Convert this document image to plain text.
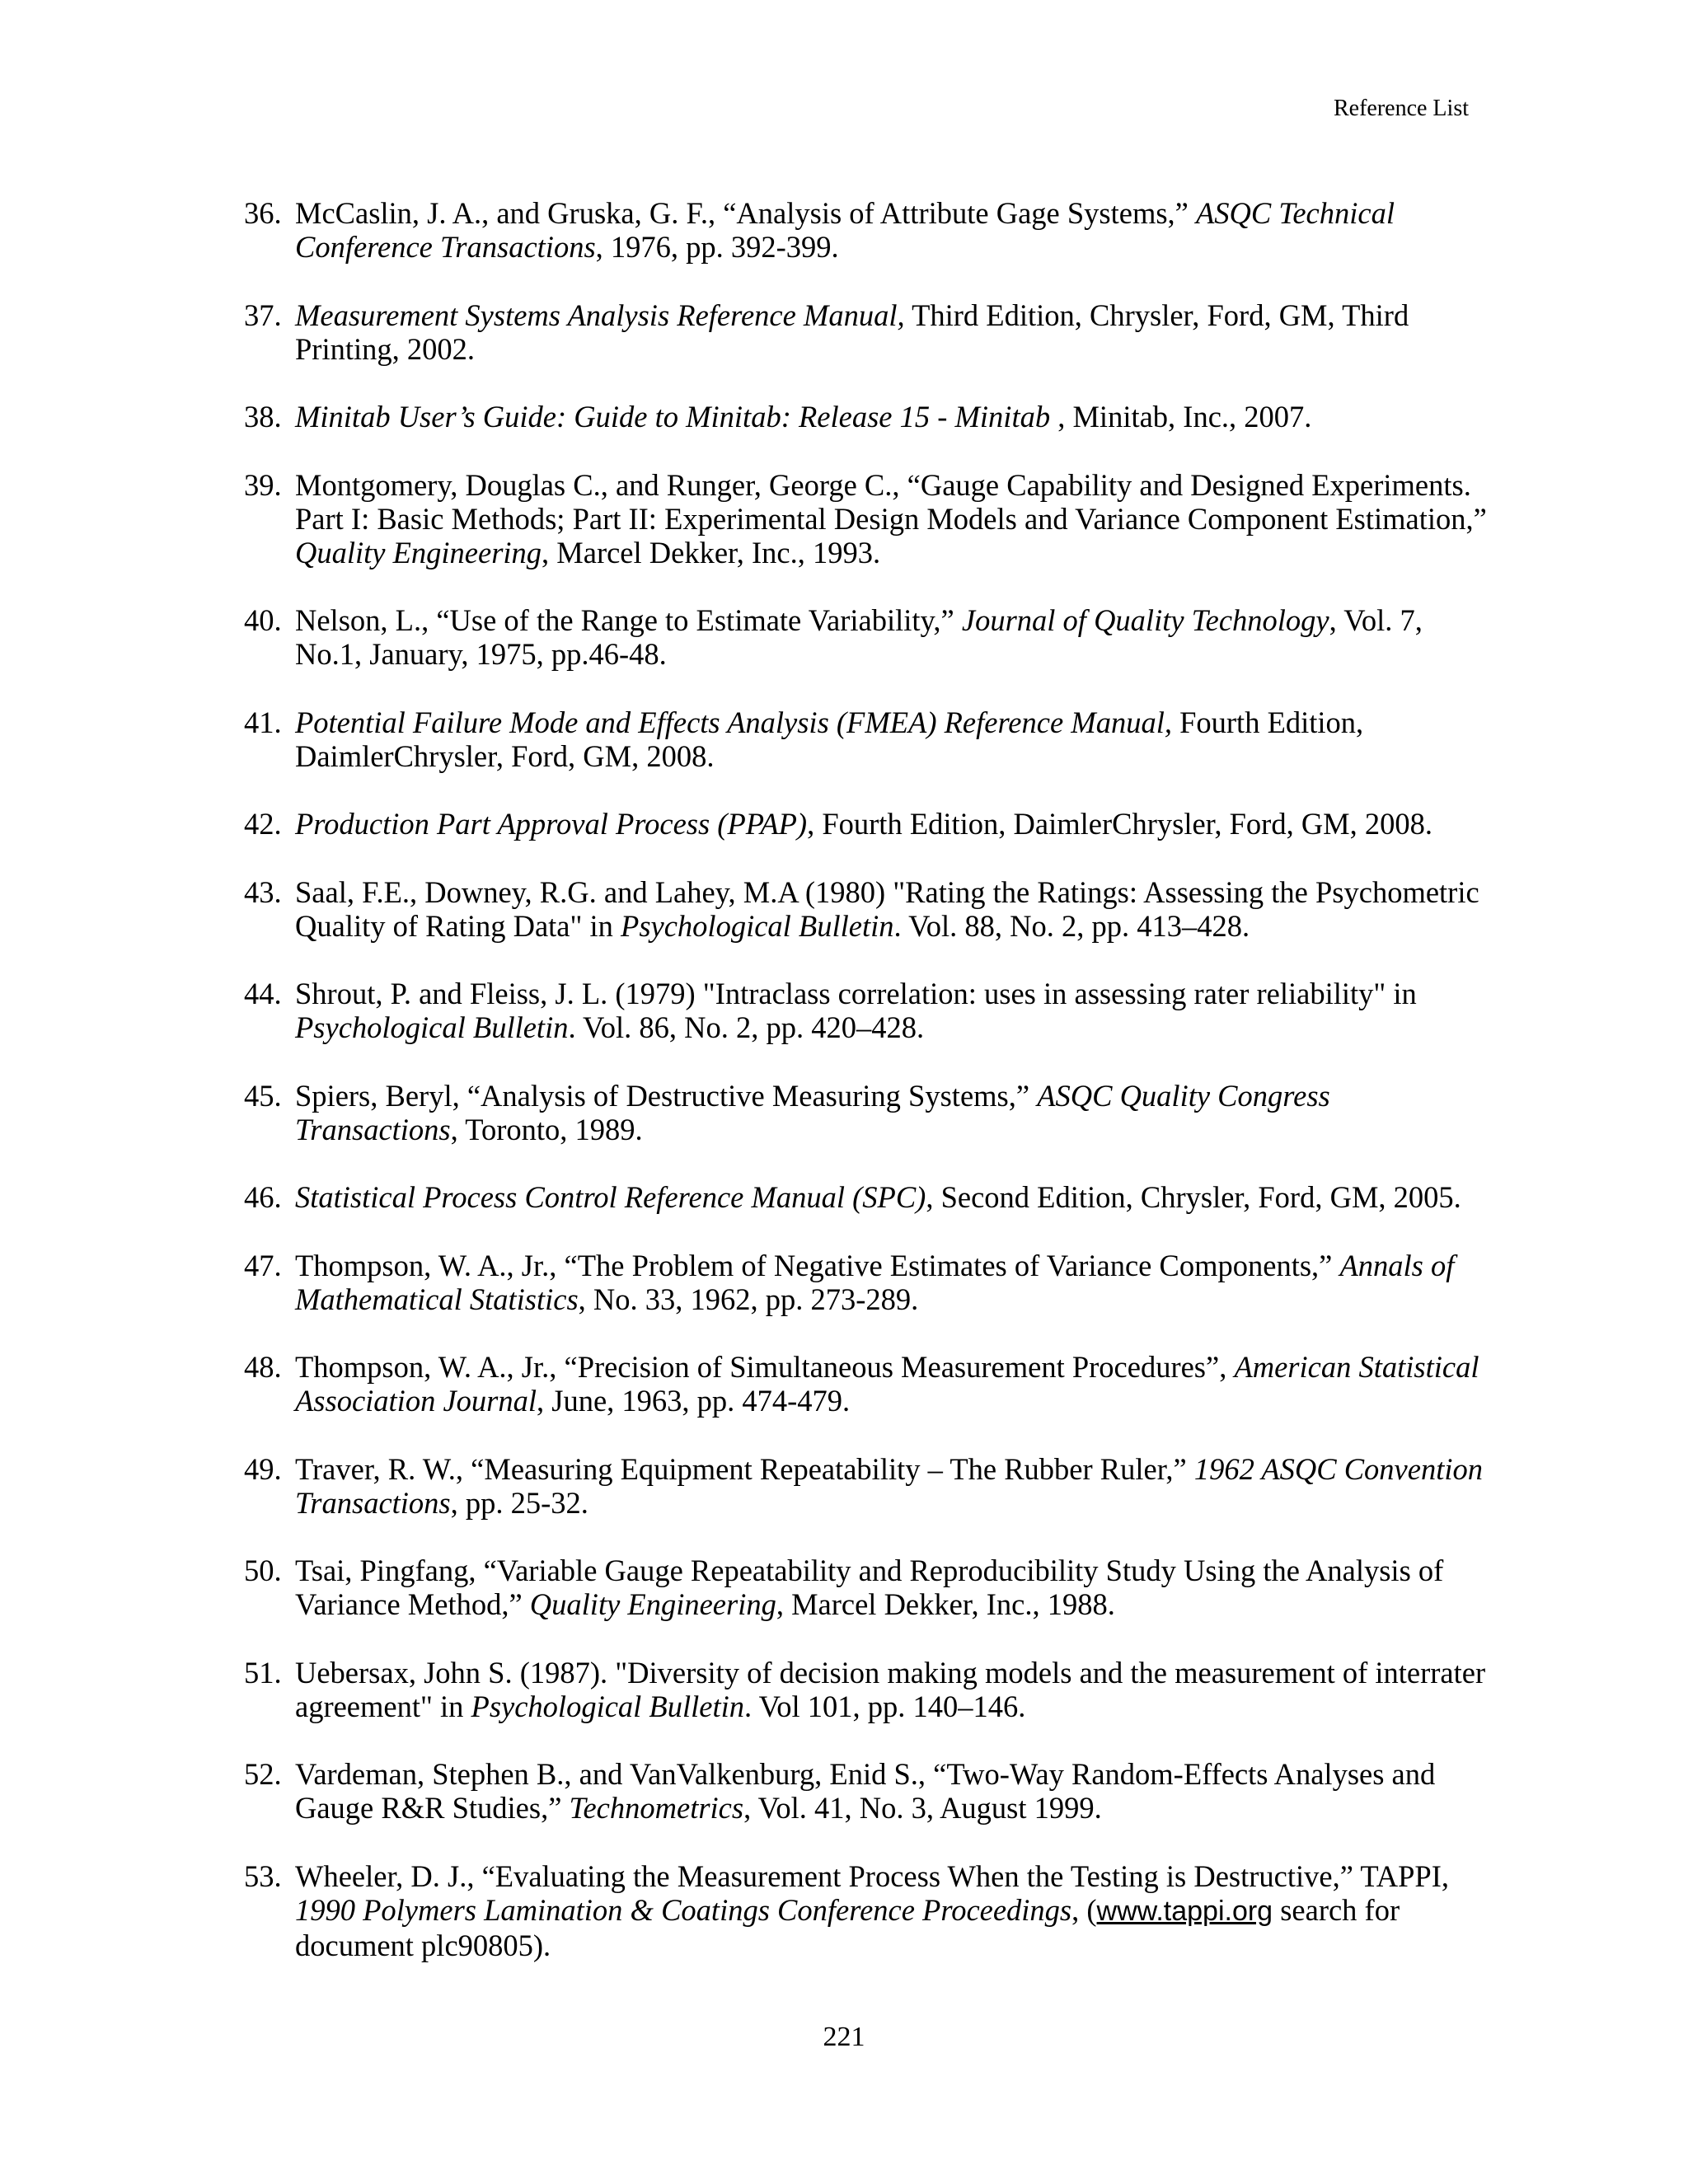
Reference List
36. McCaslin, J. A., and Gruska, G. F., “Analysis of Attribute Gage Systems,” ASQC Technical Conference Transactions, 1976, pp. 392-399.
37. Measurement Systems Analysis Reference Manual, Third Edition, Chrysler, Ford, GM, Third Printing, 2002.
38. Minitab User’s Guide: Guide to Minitab: Release 15 - Minitab , Minitab, Inc., 2007.
39. Montgomery, Douglas C., and Runger, George C., “Gauge Capability and Designed Experiments. Part I: Basic Methods; Part II: Experimental Design Models and Variance Component Estimation,” Quality Engineering, Marcel Dekker, Inc., 1993.
40. Nelson, L., “Use of the Range to Estimate Variability,” Journal of Quality Technology, Vol. 7, No.1, January, 1975, pp.46-48.
41. Potential Failure Mode and Effects Analysis (FMEA) Reference Manual, Fourth Edition, DaimlerChrysler, Ford, GM, 2008.
42. Production Part Approval Process (PPAP), Fourth Edition, DaimlerChrysler, Ford, GM, 2008.
43. Saal, F.E., Downey, R.G. and Lahey, M.A (1980) "Rating the Ratings: Assessing the Psychometric Quality of Rating Data" in Psychological Bulletin. Vol. 88, No. 2, pp. 413–428.
44. Shrout, P. and Fleiss, J. L. (1979) "Intraclass correlation: uses in assessing rater reliability" in Psychological Bulletin. Vol. 86, No. 2, pp. 420–428.
45. Spiers, Beryl, “Analysis of Destructive Measuring Systems,” ASQC Quality Congress Transactions, Toronto, 1989.
46. Statistical Process Control Reference Manual (SPC), Second Edition, Chrysler, Ford, GM, 2005.
47. Thompson, W. A., Jr., “The Problem of Negative Estimates of Variance Components,” Annals of Mathematical Statistics, No. 33, 1962, pp. 273-289.
48. Thompson, W. A., Jr., “Precision of Simultaneous Measurement Procedures”, American Statistical Association Journal, June, 1963, pp. 474-479.
49. Traver, R. W., “Measuring Equipment Repeatability – The Rubber Ruler,” 1962 ASQC Convention Transactions, pp. 25-32.
50. Tsai, Pingfang, “Variable Gauge Repeatability and Reproducibility Study Using the Analysis of Variance Method,” Quality Engineering, Marcel Dekker, Inc., 1988.
51. Uebersax, John S. (1987). "Diversity of decision making models and the measurement of interrater agreement" in Psychological Bulletin. Vol 101, pp. 140–146.
52. Vardeman, Stephen B., and VanValkenburg, Enid S., “Two-Way Random-Effects Analyses and Gauge R&R Studies,” Technometrics, Vol. 41, No. 3, August 1999.
53. Wheeler, D. J., “Evaluating the Measurement Process When the Testing is Destructive,” TAPPI, 1990 Polymers Lamination & Coatings Conference Proceedings, (www.tappi.org search for document plc90805).
221
